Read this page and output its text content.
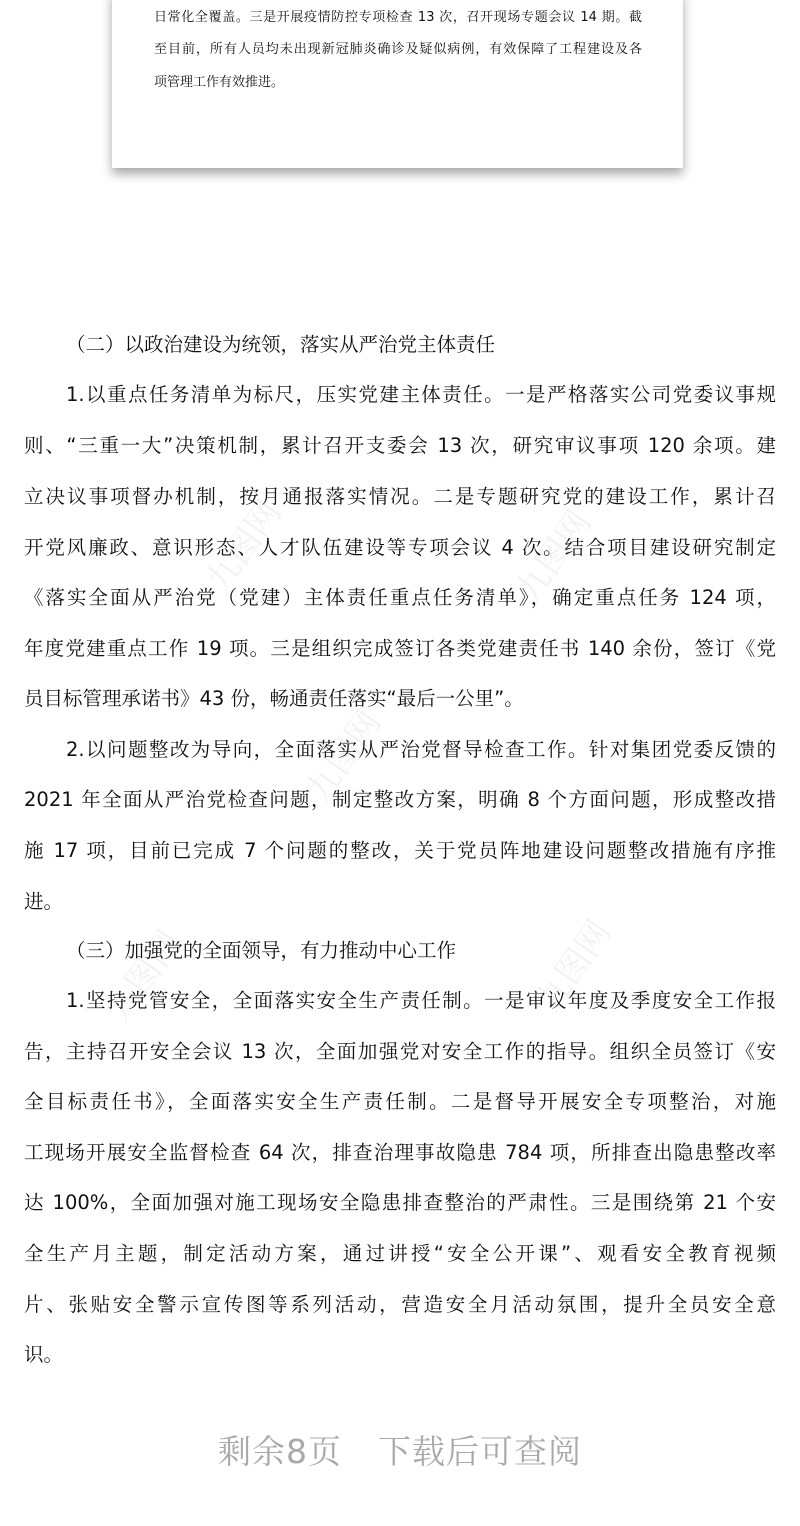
日常化全覆盖。三是开展疫情防控专项检查 13 次，召开现场专题会议 14 期。截
至目前，所有人员均未出现新冠肺炎确诊及疑似病例，有效保障了工程建设及各
项管理工作有效推进。
九图网	九图网
九图网
九图网	九图网
（二）以政治建设为统领，落实从严治党主体责任
1.以重点任务清单为标尺，压实党建主体责任。一是严格落实公司党委议事规
则、“三重一大”决策机制，累计召开支委会 13 次，研究审议事项 120 余项。建
立决议事项督办机制，按月通报落实情况。二是专题研究党的建设工作，累计召
开党风廉政、意识形态、人才队伍建设等专项会议 4 次。结合项目建设研究制定
《落实全面从严治党（党建）主体责任重点任务清单》，确定重点任务 124 项，
年度党建重点工作 19 项。三是组织完成签订各类党建责任书 140 余份，签订《党
员目标管理承诺书》43 份，畅通责任落实“最后一公里”。
2.以问题整改为导向，全面落实从严治党督导检查工作。针对集团党委反馈的
2021 年全面从严治党检查问题，制定整改方案，明确 8 个方面问题，形成整改措
施 17 项，目前已完成 7 个问题的整改，关于党员阵地建设问题整改措施有序推
进。
（三）加强党的全面领导，有力推动中心工作
1.坚持党管安全，全面落实安全生产责任制。一是审议年度及季度安全工作报
告，主持召开安全会议 13 次，全面加强党对安全工作的指导。组织全员签订《安
全目标责任书》，全面落实安全生产责任制。二是督导开展安全专项整治，对施
工现场开展安全监督检查 64 次，排查治理事故隐患 784 项，所排查出隐患整改率
达 100%，全面加强对施工现场安全隐患排查整治的严肃性。三是围绕第 21 个安
全生产月主题，制定活动方案，通过讲授“安全公开课”、观看安全教育视频
片、张贴安全警示宣传图等系列活动，营造安全月活动氛围，提升全员安全意
识。
剩余8页 下载后可查阅
